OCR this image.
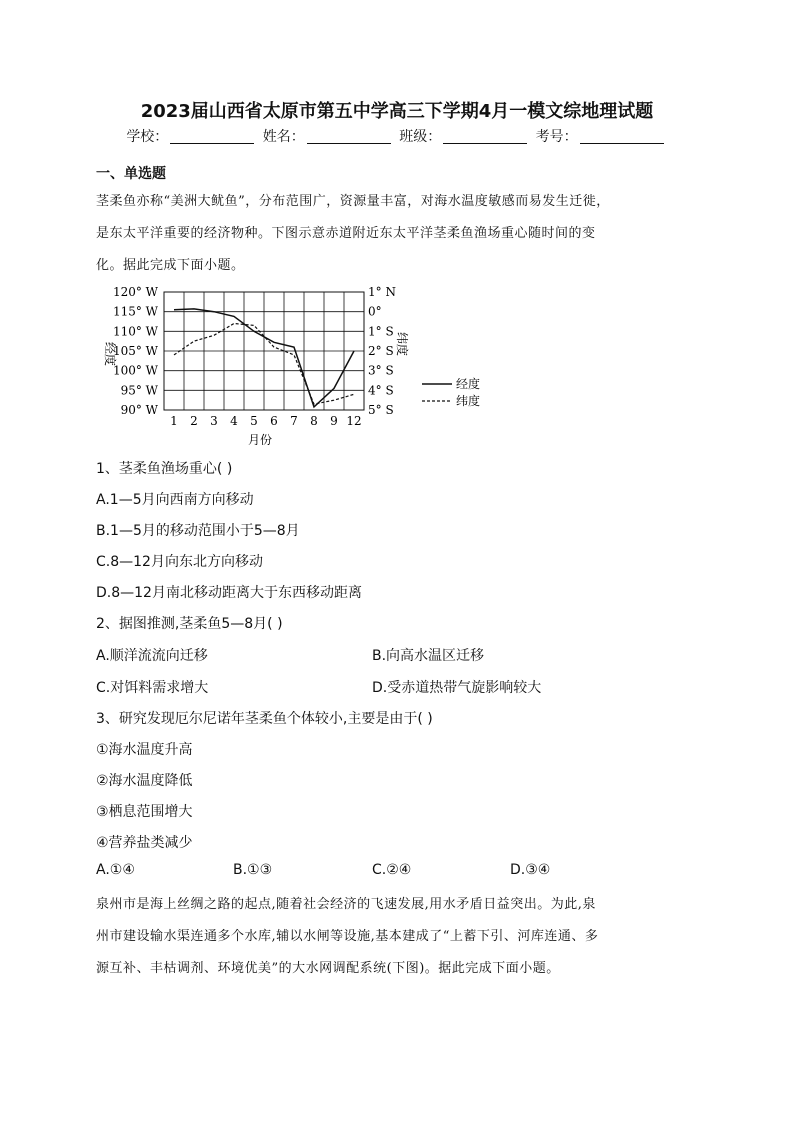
2023届山西省太原市第五中学高三下学期4月一模文综地理试题
学校：	姓名：	班级：	考号：
一、单选题
茎柔鱼亦称“美洲大鱿鱼”，分布范围广，资源量丰富，对海水温度敏感而易发生迁徙，
是东太平洋重要的经济物种。下图示意赤道附近东太平洋茎柔鱼渔场重心随时间的变
化。据此完成下面小题。
120° W
115° W
110° W
105° W
100° W
95° W
90° W
1° N
0°
1° S
2° S
3° S
4° S
5° S
1 2 3 4 5 6 7 8 9 12
经度	纬度
月份
经度
纬度
1、茎柔鱼渔场重心( )
A.1—5月向西南方向移动
B.1—5月的移动范围小于5—8月
C.8—12月向东北方向移动
D.8—12月南北移动距离大于东西移动距离
2、据图推测,茎柔鱼5—8月( )
A.顺洋流流向迁移	B.向高水温区迁移
C.对饵料需求增大	D.受赤道热带气旋影响较大
3、研究发现厄尔尼诺年茎柔鱼个体较小,主要是由于( )
①海水温度升高
②海水温度降低
③栖息范围增大
④营养盐类减少
A.①④	B.①③	C.②④	D.③④
泉州市是海上丝绸之路的起点,随着社会经济的飞速发展,用水矛盾日益突出。为此,泉
州市建设输水渠连通多个水库,辅以水闸等设施,基本建成了“上蓄下引、河库连通、多
源互补、丰枯调剂、环境优美”的大水网调配系统(下图)。据此完成下面小题。
